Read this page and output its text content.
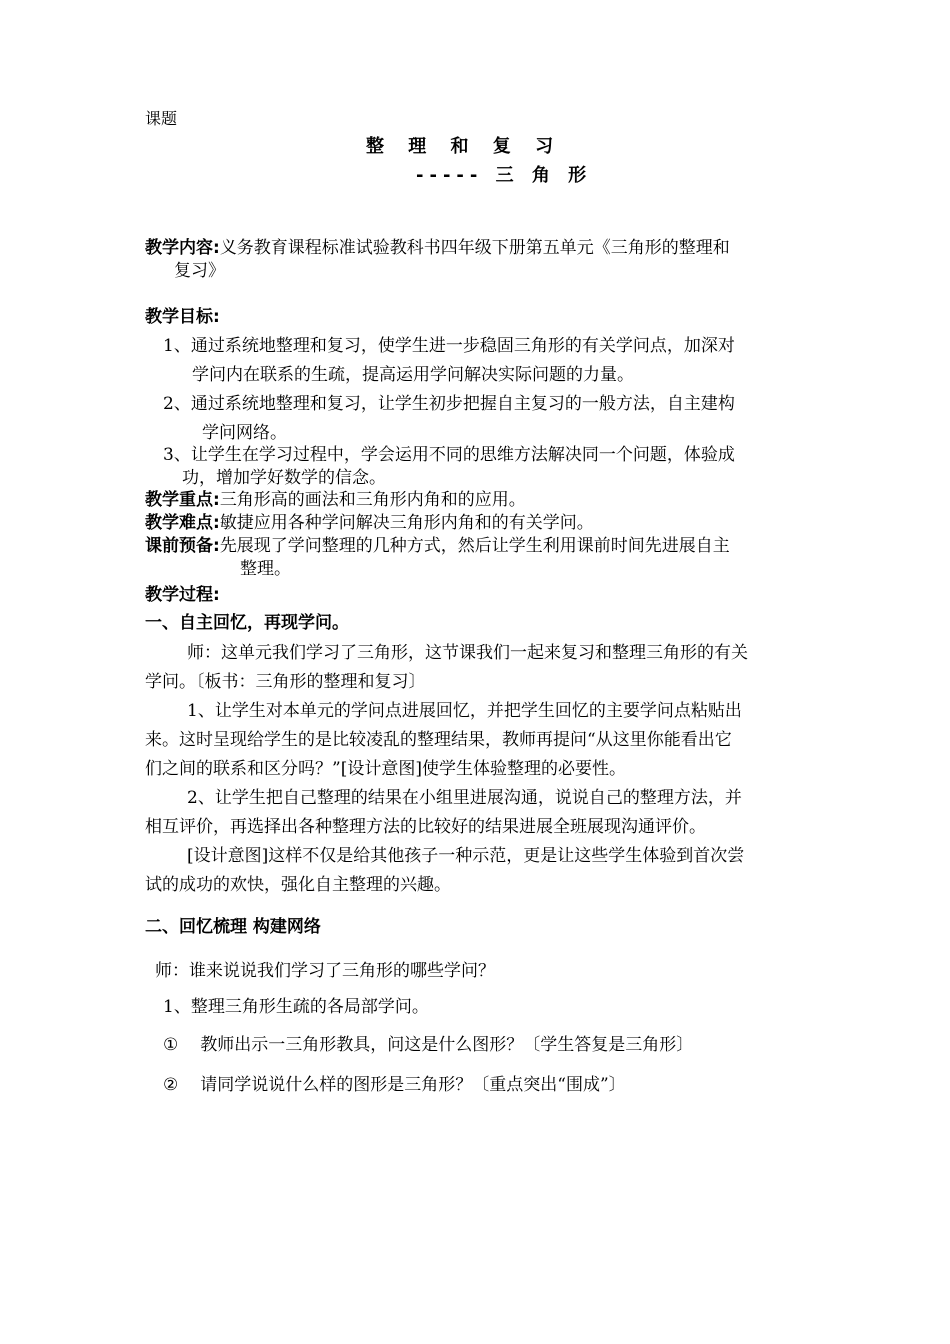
课题
整 理 和 复 习
----- 三 角 形
教学内容:义务教育课程标准试验教科书四年级下册第五单元《三角形的整理和
复习》
教学目标:
1、通过系统地整理和复习，使学生进一步稳固三角形的有关学问点，加深对
学问内在联系的生疏，提高运用学问解决实际问题的力量。
2、通过系统地整理和复习，让学生初步把握自主复习的一般方法，自主建构
学问网络。
3、让学生在学习过程中，学会运用不同的思维方法解决同一个问题，体验成
功，增加学好数学的信念。
教学重点:三角形高的画法和三角形内角和的应用。
教学难点:敏捷应用各种学问解决三角形内角和的有关学问。
课前预备:先展现了学问整理的几种方式，然后让学生利用课前时间先进展自主
整理。
教学过程:
一、自主回忆，再现学问。
师：这单元我们学习了三角形，这节课我们一起来复习和整理三角形的有关
学问。〔板书：三角形的整理和复习〕
1、让学生对本单元的学问点进展回忆，并把学生回忆的主要学问点粘贴出
来。这时呈现给学生的是比较凌乱的整理结果，教师再提问“从这里你能看出它
们之间的联系和区分吗？”[设计意图]使学生体验整理的必要性。
2、让学生把自己整理的结果在小组里进展沟通，说说自己的整理方法，并
相互评价，再选择出各种整理方法的比较好的结果进展全班展现沟通评价。
[设计意图]这样不仅是给其他孩子一种示范，更是让这些学生体验到首次尝
试的成功的欢快，强化自主整理的兴趣。
二、回忆梳理 构建网络
师：谁来说说我们学习了三角形的哪些学问？
1、整理三角形生疏的各局部学问。
① 教师出示一三角形教具，问这是什么图形？〔学生答复是三角形〕
② 请同学说说什么样的图形是三角形？〔重点突出“围成”〕
